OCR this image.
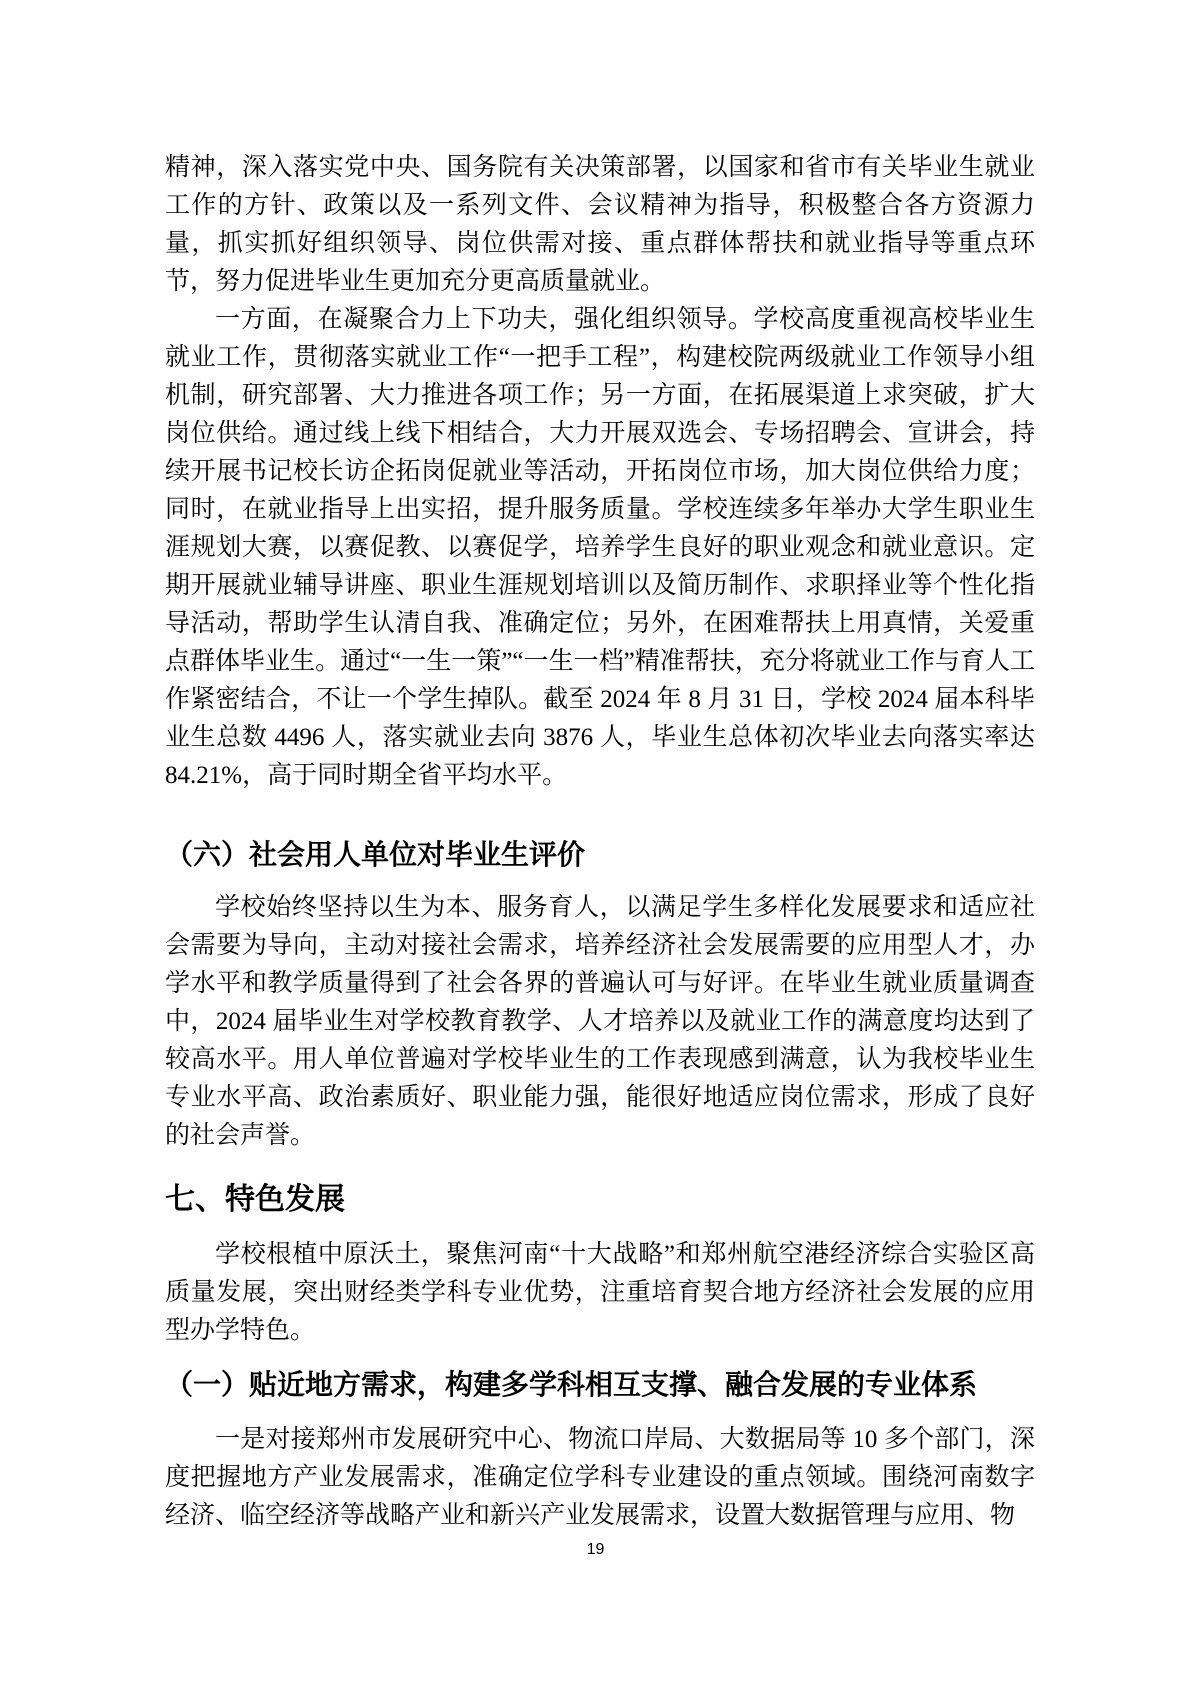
精神，深入落实党中央、国务院有关决策部署，以国家和省市有关毕业生就业工作的方针、政策以及一系列文件、会议精神为指导，积极整合各方资源力量，抓实抓好组织领导、岗位供需对接、重点群体帮扶和就业指导等重点环节，努力促进毕业生更加充分更高质量就业。

一方面，在凝聚合力上下功夫，强化组织领导。学校高度重视高校毕业生就业工作，贯彻落实就业工作“一把手工程”，构建校院两级就业工作领导小组机制，研究部署、大力推进各项工作；另一方面，在拓展渠道上求突破，扩大岗位供给。通过线上线下相结合，大力开展双选会、专场招聘会、宣讲会，持续开展书记校长访企拓岗促就业等活动，开拓岗位市场，加大岗位供给力度；同时，在就业指导上出实招，提升服务质量。学校连续多年举办大学生职业生涯规划大赛，以赛促教、以赛促学，培养学生良好的职业观念和就业意识。定期开展就业辅导讲座、职业生涯规划培训以及简历制作、求职择业等个性化指导活动，帮助学生认清自我、准确定位；另外，在困难帮扶上用真情，关爱重点群体毕业生。通过“一生一策”“一生一档”精准帮扶，充分将就业工作与育人工作紧密结合，不让一个学生掉队。截至 2024 年 8 月 31 日，学校 2024 届本科毕业生总数 4496 人，落实就业去向 3876 人，毕业生总体初次毕业去向落实率达 84.21%，高于同时期全省平均水平。

（六）社会用人单位对毕业生评价

学校始终坚持以生为本、服务育人，以满足学生多样化发展要求和适应社会需要为导向，主动对接社会需求，培养经济社会发展需要的应用型人才，办学水平和教学质量得到了社会各界的普遍认可与好评。在毕业生就业质量调查中，2024 届毕业生对学校教育教学、人才培养以及就业工作的满意度均达到了较高水平。用人单位普遍对学校毕业生的工作表现感到满意，认为我校毕业生专业水平高、政治素质好、职业能力强，能很好地适应岗位需求，形成了良好的社会声誉。

七、特色发展

学校根植中原沃土，聚焦河南“十大战略”和郑州航空港经济综合实验区高质量发展，突出财经类学科专业优势，注重培育契合地方经济社会发展的应用型办学特色。

（一）贴近地方需求，构建多学科相互支撑、融合发展的专业体系

一是对接郑州市发展研究中心、物流口岸局、大数据局等 10 多个部门，深度把握地方产业发展需求，准确定位学科专业建设的重点领域。围绕河南数字经济、临空经济等战略产业和新兴产业发展需求，设置大数据管理与应用、物

19
